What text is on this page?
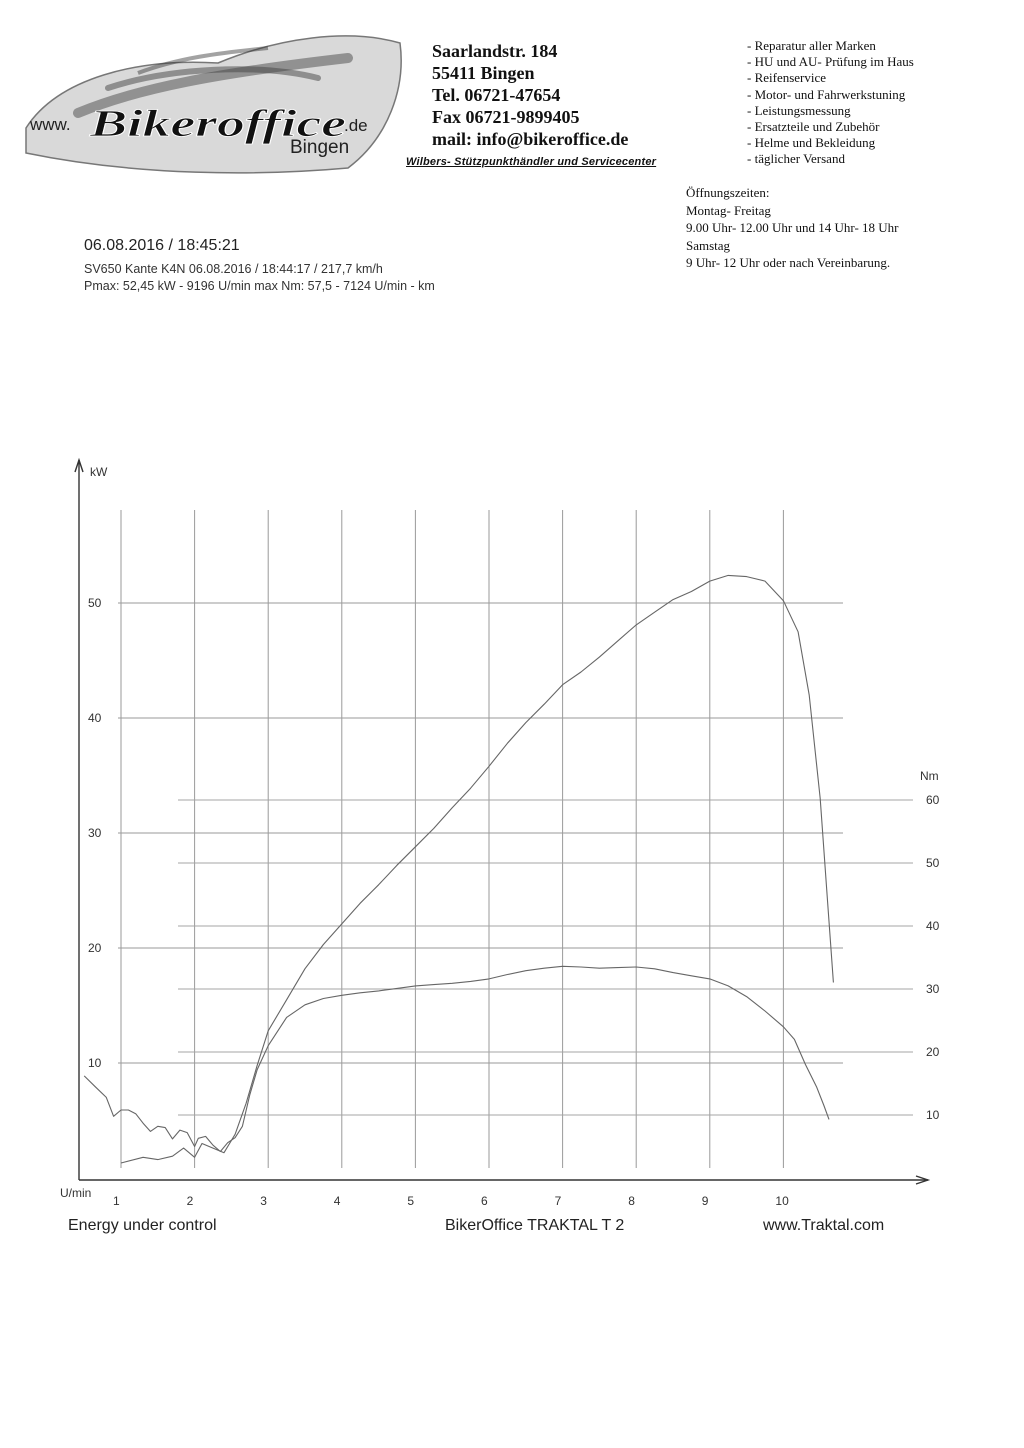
www. Bikeroffice
.de
Bingen
Saarlandstr. 184
55411 Bingen
Tel. 06721-47654
Fax 06721-9899405
mail: info@bikeroffice.de
Wilbers- Stützpunkthändler und Servicecenter
- Reparatur aller Marken
- HU und AU- Prüfung im Haus
- Reifenservice
- Motor- und Fahrwerkstuning
- Leistungsmessung
- Ersatzteile und Zubehör
- Helme und Bekleidung
- täglicher Versand
Öffnungszeiten:
Montag- Freitag
9.00 Uhr- 12.00 Uhr und 14 Uhr- 18 Uhr
Samstag
9 Uhr- 12 Uhr oder nach Vereinbarung.
06.08.2016 / 18:45:21
SV650 Kante K4N 06.08.2016 / 18:44:17 / 217,7 km/h
Pmax: 52,45 kW - 9196 U/min max Nm: 57,5 - 7124 U/min - km
kW
Nm
U/min
1	2	3	4	5	6	7	8	9	10
10
20
30
40
50
10
20
30
40
50
60
Energy under control	BikerOffice TRAKTAL T 2	www.Traktal.com
